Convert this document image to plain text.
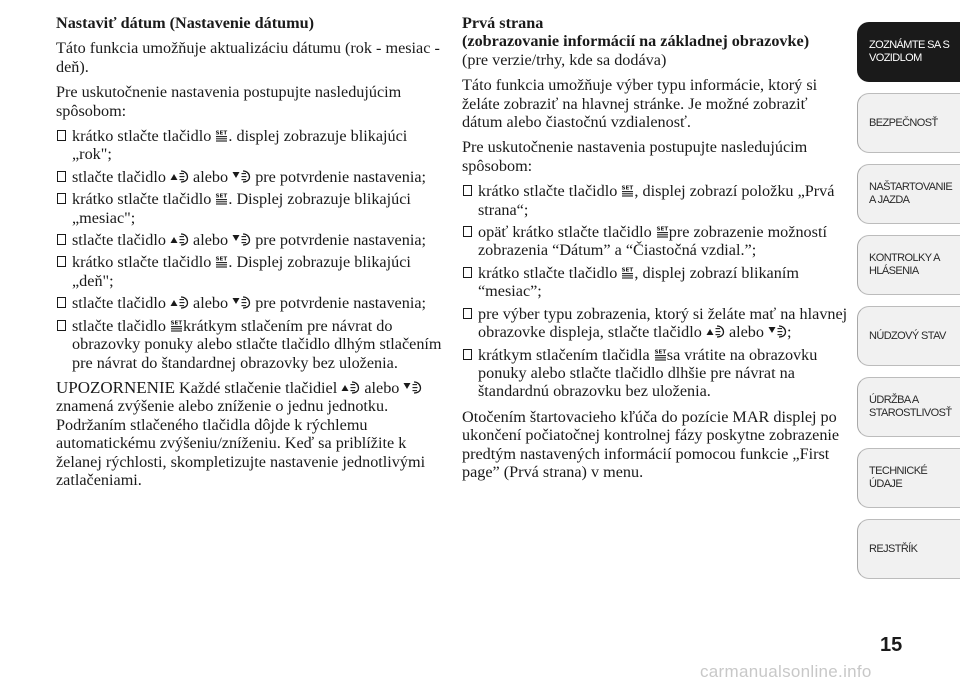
Nastaviť dátum (Nastavenie dátumu)

Táto funkcia umožňuje aktualizáciu dátumu (rok - mesiac - deň).

Pre uskutočnenie nastavenia postupujte nasledujúcim spôsobom:

krátko stlačte tlačidlo . displej zobrazuje blikajúci „rok";
stlačte tlačidlo  alebo  pre potvrdenie nastavenia;
krátko stlačte tlačidlo . Displej zobrazuje blikajúci „mesiac";
stlačte tlačidlo  alebo  pre potvrdenie nastavenia;
krátko stlačte tlačidlo . Displej zobrazuje blikajúci „deň";
stlačte tlačidlo  alebo  pre potvrdenie nastavenia;
stlačte tlačidlo krátkym stlačením pre návrat do obrazovky ponuky alebo stlačte tlačidlo dlhým stlačením pre návrat do štandardnej obrazovky bez uloženia.

UPOZORNENIE Každé stlačenie tlačidiel  alebo  znamená zvýšenie alebo zníženie o jednu jednotku. Podržaním stlačeného tlačidla dôjde k rýchlemu automatickému zvýšeniu/zníženiu. Keď sa priblížite k želanej rýchlosti, skompletizujte nastavenie jednotlivými zatlačeniami.

Prvá strana
(zobrazovanie informácií na základnej obrazovke)

(pre verzie/trhy, kde sa dodáva)

Táto funkcia umožňuje výber typu informácie, ktorý si želáte zobraziť na hlavnej stránke. Je možné zobraziť dátum alebo čiastočnú vzdialenosť.

Pre uskutočnenie nastavenia postupujte nasledujúcim spôsobom:

krátko stlačte tlačidlo , displej zobrazí položku „Prvá strana“;
opäť krátko stlačte tlačidlo pre zobrazenie možností zobrazenia “Dátum” a “Čiastočná vzdial.”;
krátko stlačte tlačidlo , displej zobrazí blikaním “mesiac”;
pre výber typu zobrazenia, ktorý si želáte mať na hlavnej obrazovke displeja, stlačte tlačidlo  alebo ;
krátkym stlačením tlačidla sa vrátite na obrazovku ponuky alebo stlačte tlačidlo dlhšie pre návrat na štandardnú obrazovku bez uloženia.

Otočením štartovacieho kľúča do pozície MAR displej po ukončení počiatočnej kontrolnej fázy poskytne zobrazenie predtým nastavených informácií pomocou funkcie „First page” (Prvá strana) v menu.

ZOZNÁMTE SA S
VOZIDLOM
BEZPEČNOSŤ
NAŠTARTOVANIE
A JAZDA
KONTROLKY A
HLÁSENIA
NÚDZOVÝ STAV
ÚDRŽBA A
STAROSTLIVOSŤ
TECHNICKÉ
ÚDAJE
REJSTŘÍK
15
carmanualsonline.info
